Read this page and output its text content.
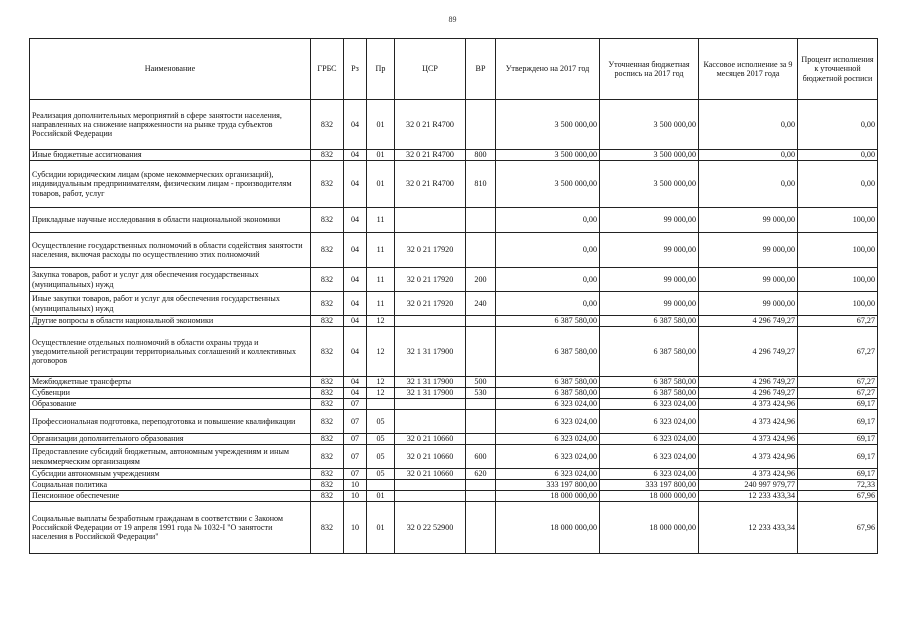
89
Наименование	ГРБС	Рз	Пр	ЦСР	ВР	Утверждено на 2017 год	Уточненная бюджетная роспись на 2017 год	Кассовое исполнение за 9 месяцев 2017 года	Процент исполнения к уточненной бюджетной росписи
Реализация дополнительных мероприятий в сфере занятости населения, направленных на снижение напряженности на рынке труда субъектов Российской Федерации	832	04	01	32 0 21 R4700		3 500 000,00	3 500 000,00	0,00	0,00
Иные бюджетные ассигнования	832	04	01	32 0 21 R4700	800	3 500 000,00	3 500 000,00	0,00	0,00
Субсидии юридическим лицам (кроме некоммерческих организаций), индивидуальным предпринимателям, физическим лицам - производителям товаров, работ, услуг	832	04	01	32 0 21 R4700	810	3 500 000,00	3 500 000,00	0,00	0,00
Прикладные научные исследования в области национальной экономики	832	04	11			0,00	99 000,00	99 000,00	100,00
Осуществление государственных полномочий в области содействия занятости населения, включая расходы по осуществлению этих полномочий	832	04	11	32 0 21 17920		0,00	99 000,00	99 000,00	100,00
Закупка товаров, работ и услуг для обеспечения государственных (муниципальных) нужд	832	04	11	32 0 21 17920	200	0,00	99 000,00	99 000,00	100,00
Иные закупки товаров, работ и услуг для обеспечения государственных (муниципальных) нужд	832	04	11	32 0 21 17920	240	0,00	99 000,00	99 000,00	100,00
Другие вопросы в области национальной экономики	832	04	12			6 387 580,00	6 387 580,00	4 296 749,27	67,27
Осуществление отдельных полномочий в области охраны труда и уведомительной регистрации территориальных соглашений и коллективных договоров	832	04	12	32 1 31 17900		6 387 580,00	6 387 580,00	4 296 749,27	67,27
Межбюджетные трансферты	832	04	12	32 1 31 17900	500	6 387 580,00	6 387 580,00	4 296 749,27	67,27
Субвенции	832	04	12	32 1 31 17900	530	6 387 580,00	6 387 580,00	4 296 749,27	67,27
Образование	832	07				6 323 024,00	6 323 024,00	4 373 424,96	69,17
Профессиональная подготовка, переподготовка и повышение квалификации	832	07	05			6 323 024,00	6 323 024,00	4 373 424,96	69,17
Организации дополнительного образования	832	07	05	32 0 21 10660		6 323 024,00	6 323 024,00	4 373 424,96	69,17
Предоставление субсидий бюджетным, автономным учреждениям и иным некоммерческим организациям	832	07	05	32 0 21 10660	600	6 323 024,00	6 323 024,00	4 373 424,96	69,17
Субсидии автономным учреждениям	832	07	05	32 0 21 10660	620	6 323 024,00	6 323 024,00	4 373 424,96	69,17
Социальная политика	832	10				333 197 800,00	333 197 800,00	240 997 979,77	72,33
Пенсионное обеспечение	832	10	01			18 000 000,00	18 000 000,00	12 233 433,34	67,96
Социальные выплаты безработным гражданам в соответствии с Законом Российской Федерации от 19 апреля 1991 года № 1032-I "О занятости населения в Российской Федерации"	832	10	01	32 0 22 52900		18 000 000,00	18 000 000,00	12 233 433,34	67,96
